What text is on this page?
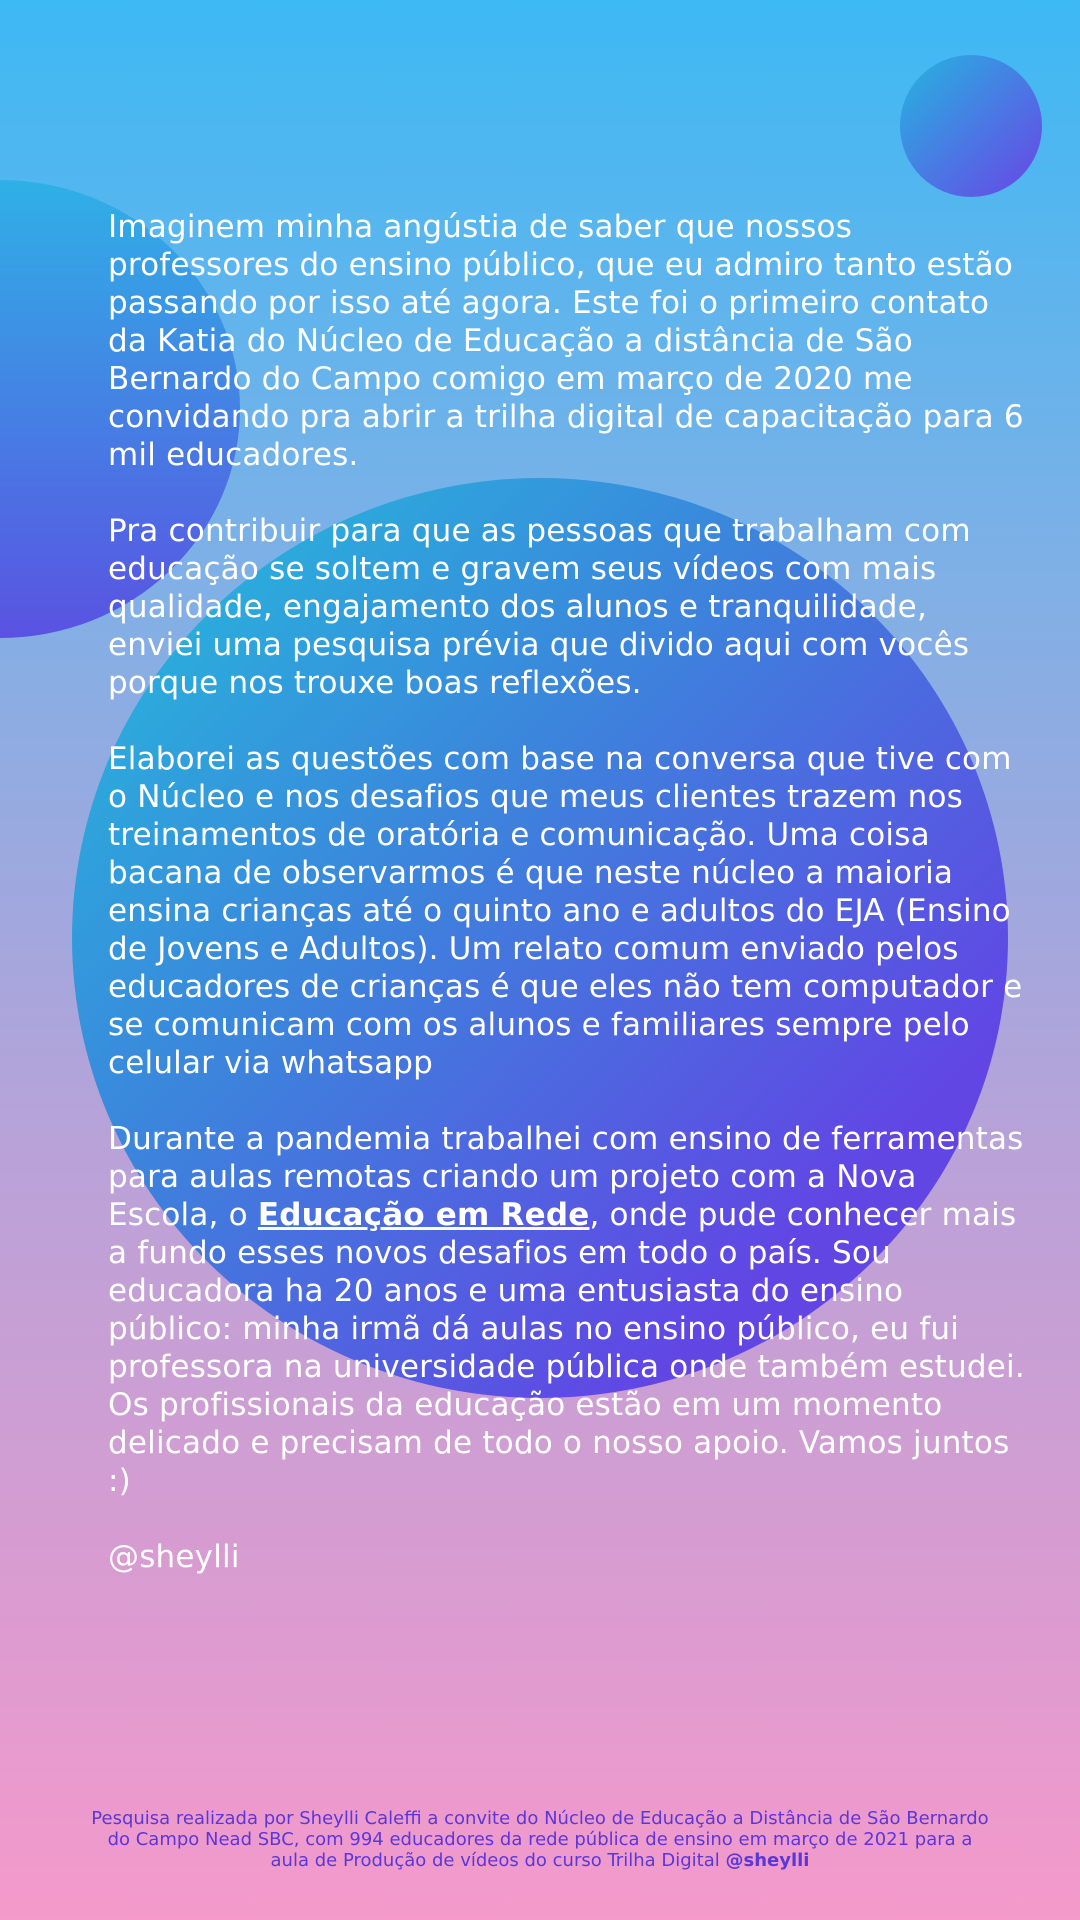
Imaginem minha angústia de saber que nossos professores do ensino público, que eu admiro tanto estão passando por isso até agora. Este foi o primeiro contato da Katia do Núcleo de Educação a distância de São Bernardo do Campo comigo em março de 2020 me convidando pra abrir a trilha digital de capacitação para 6 mil educadores.

Pra contribuir para que as pessoas que trabalham com educação se soltem e gravem seus vídeos com mais qualidade, engajamento dos alunos e tranquilidade, enviei uma pesquisa prévia que divido aqui com vocês porque nos trouxe boas reflexões.

Elaborei as questões com base na conversa que tive com o Núcleo e nos desafios que meus clientes trazem nos treinamentos de oratória e comunicação. Uma coisa bacana de observarmos é que neste núcleo a maioria ensina crianças até o quinto ano e adultos do EJA (Ensino de Jovens e Adultos). Um relato comum enviado pelos educadores de crianças é que eles não tem computador e se comunicam com os alunos e familiares sempre pelo celular via whatsapp

Durante a pandemia trabalhei com ensino de ferramentas para aulas remotas criando um projeto com a Nova Escola, o Educação em Rede, onde pude conhecer mais a fundo esses novos desafios em todo o país. Sou educadora ha 20 anos e uma entusiasta do ensino público: minha irmã dá aulas no ensino público, eu fui professora na universidade pública onde também estudei. Os profissionais da educação estão em um momento delicado e precisam de todo o nosso apoio. Vamos juntos :)

@sheylli

Pesquisa realizada por Sheylli Caleffi a convite do Núcleo de Educação a Distância de São Bernardo do Campo Nead SBC, com 994 educadores da rede pública de ensino em março de 2021 para a aula de Produção de vídeos do curso Trilha Digital @sheylli
